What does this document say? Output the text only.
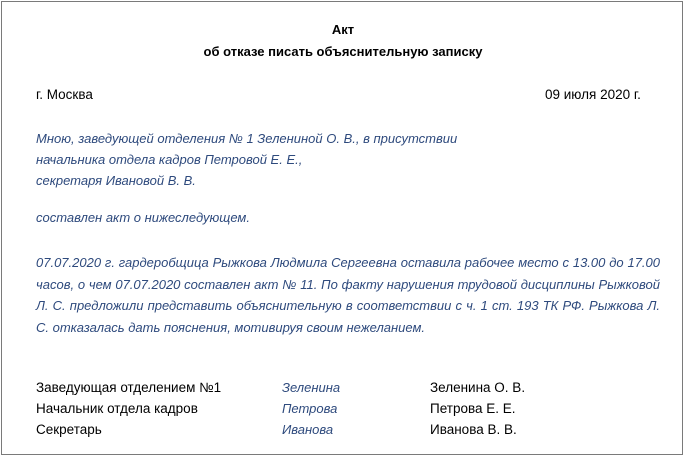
Акт
об отказе писать объяснительную записку
г. Москва	09 июля 2020 г.
Мною, заведующей отделения № 1 Зелениной О. В., в присутствии
начальника отдела кадров Петровой Е. Е.,
секретаря Ивановой В. В.
составлен акт о нижеследующем.
07.07.2020 г. гардеробщица Рыжкова Людмила Сергеевна оставила рабочее место с 13.00 до 17.00 часов, о чем 07.07.2020 составлен акт № 11. По факту нарушения трудовой дисциплины Рыжковой Л. С. предложили представить объяснительную в соответствии с ч. 1 ст. 193 ТК РФ. Рыжкова Л. С. отказалась дать пояснения, мотивируя своим нежеланием.
Заведующая отделением №1	Зеленина	Зеленина О. В.
Начальник отдела кадров	Петрова	Петрова Е. Е.
Секретарь	Иванова	Иванова В. В.
